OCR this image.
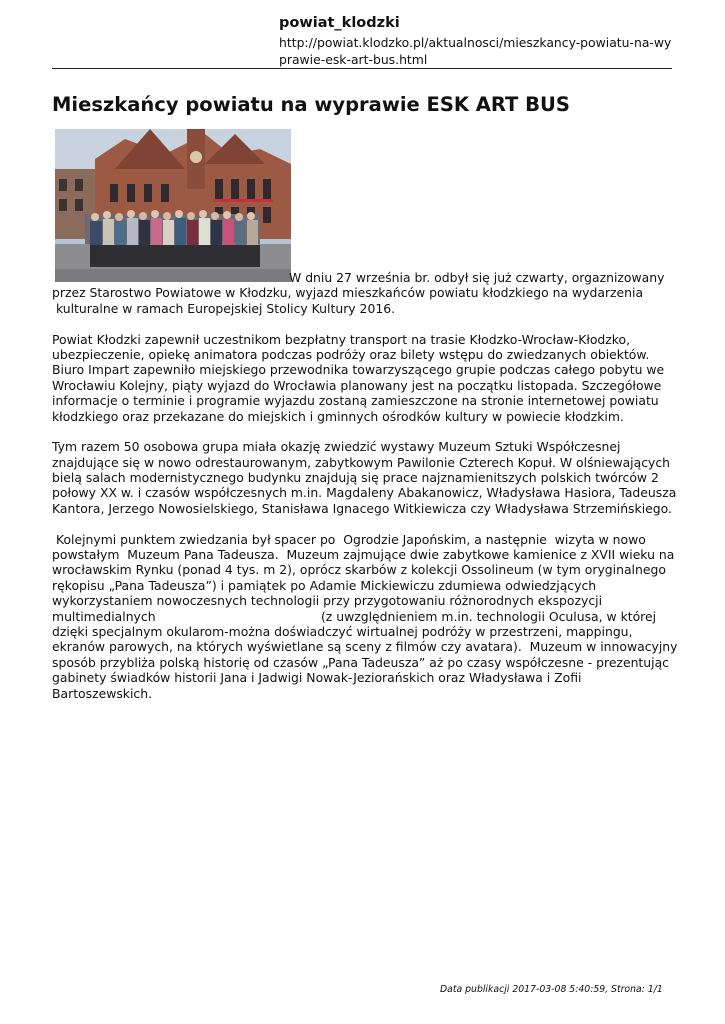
powiat_klodzki
http://powiat.klodzko.pl/aktualnosci/mieszkancy-powiatu-na-wy
prawie-esk-art-bus.html
Mieszkańcy powiatu na wyprawie ESK ART BUS
W dniu 27 września br. odbył się już czwarty, orgaznizowany
przez Starostwo Powiatowe w Kłodzku, wyjazd mieszkańców powiatu kłodzkiego na wydarzenia
kulturalne w ramach Europejskiej Stolicy Kultury 2016.
Powiat Kłodzki zapewnił uczestnikom bezpłatny transport na trasie Kłodzko-Wrocław-Kłodzko,
ubezpieczenie, opiekę animatora podczas podróży oraz bilety wstępu do zwiedzanych obiektów.
Biuro Impart zapewniło miejskiego przewodnika towarzyszącego grupie podczas całego pobytu we
Wrocławiu Kolejny, piąty wyjazd do Wrocławia planowany jest na początku listopada. Szczegółowe
informacje o terminie i programie wyjazdu zostaną zamieszczone na stronie internetowej powiatu
kłodzkiego oraz przekazane do miejskich i gminnych ośrodków kultury w powiecie kłodzkim.
Tym razem 50 osobowa grupa miała okazję zwiedzić wystawy Muzeum Sztuki Współczesnej
znajdujące się w nowo odrestaurowanym, zabytkowym Pawilonie Czterech Kopuł. W olśniewających
bielą salach modernistycznego budynku znajdują się prace najznamienitszych polskich twórców 2
połowy XX w. i czasów współczesnych m.in. Magdaleny Abakanowicz, Władysława Hasiora, Tadeusza
Kantora, Jerzego Nowosielskiego, Stanisława Ignacego Witkiewicza czy Władysława Strzemińskiego.
Kolejnymi punktem zwiedzania był spacer po  Ogrodzie Japońskim, a następnie  wizyta w nowo
powstałym  Muzeum Pana Tadeusza.  Muzeum zajmujące dwie zabytkowe kamienice z XVII wieku na
wrocławskim Rynku (ponad 4 tys. m 2), oprócz skarbów z kolekcji Ossolineum (w tym oryginalnego
rękopisu „Pana Tadeusza”) i pamiątek po Adamie Mickiewiczu zdumiewa odwiedzjących
wykorzystaniem nowoczesnych technologii przy przygotowaniu różnorodnych ekspozycji
multimedialnych                                          (z uwzględnieniem m.in. technologii Oculusa, w której
dzięki specjalnym okularom-można doświadczyć wirtualnej podróży w przestrzeni, mappingu,
ekranów parowych, na których wyświetlane są sceny z filmów czy avatara).  Muzeum w innowacyjny
sposób przybliża polską historię od czasów „Pana Tadeusza” aż po czasy współczesne - prezentując
gabinety świadków historii Jana i Jadwigi Nowak-Jeziorańskich oraz Władysława i Zofii
Bartoszewskich.
Data publikacji 2017-03-08 5:40:59, Strona: 1/1
